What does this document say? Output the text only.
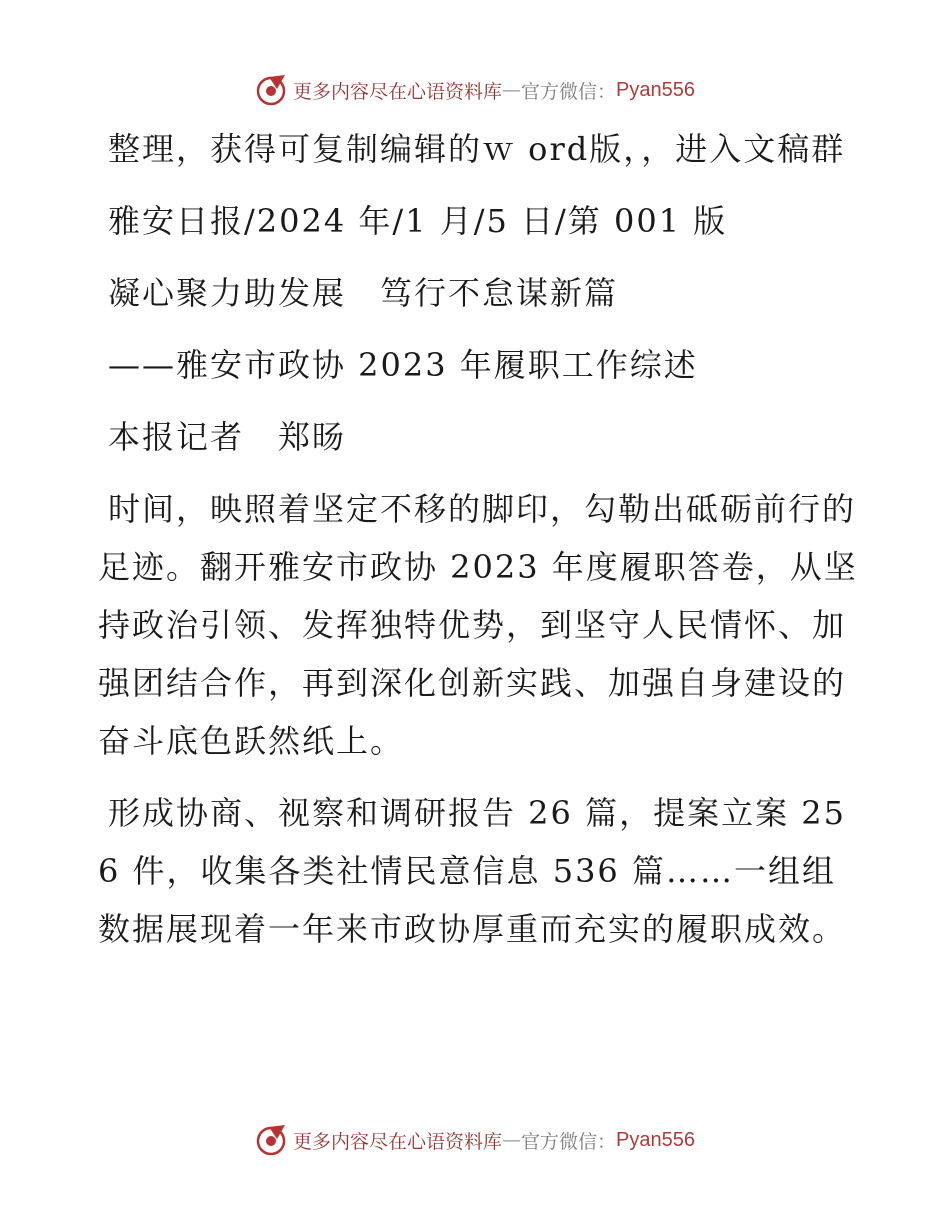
更多内容尽在心语资料库 — 官方微信： Pyan556

整理，获得可复制编辑的ｗ ord版，，进入文稿群

雅安日报/2024 年/1 月/5 日/第 001 版

凝心聚力助发展　笃行不怠谋新篇

——雅安市政协 2023 年履职工作综述

本报记者　郑旸

时间，映照着坚定不移的脚印，勾勒出砥砺前行的足迹。翻开雅安市政协 2023 年度履职答卷，从坚持政治引领、发挥独特优势，到坚守人民情怀、加强团结合作，再到深化创新实践、加强自身建设的奋斗底色跃然纸上。

形成协商、视察和调研报告 26 篇，提案立案 256 件，收集各类社情民意信息 536 篇……一组组数据展现着一年来市政协厚重而充实的履职成效。

更多内容尽在心语资料库 — 官方微信： Pyan556
